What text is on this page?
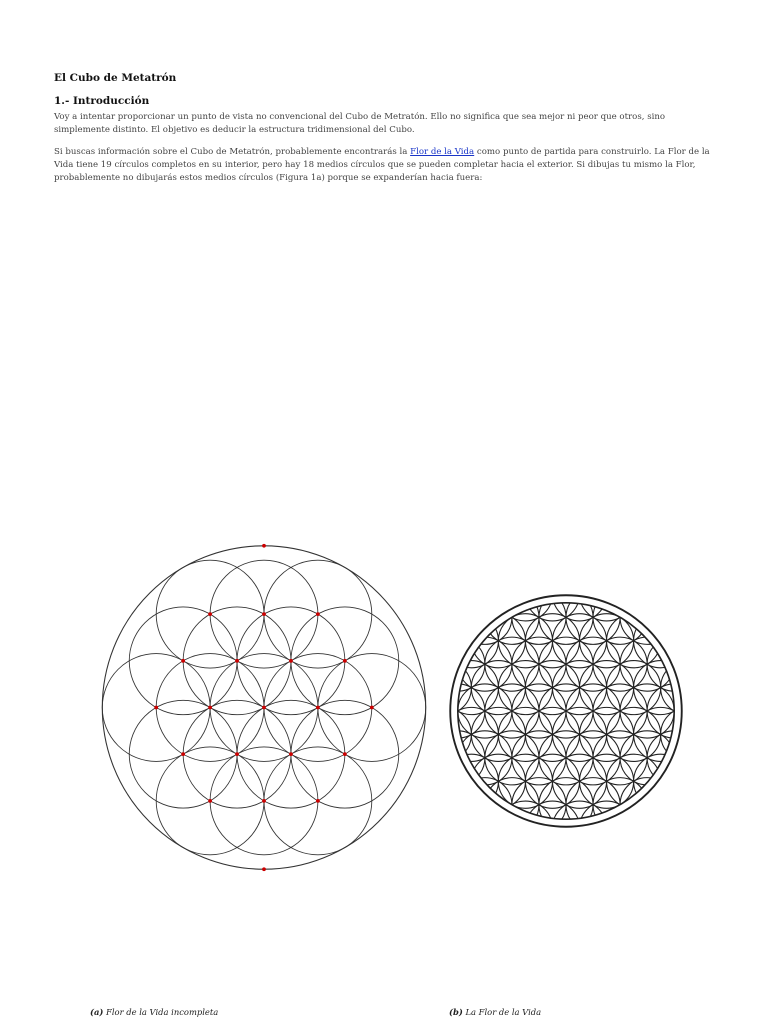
El Cubo de Metatrón
1.- Introducción

Voy a intentar proporcionar un punto de vista no convencional del Cubo de Metratón. Ello no significa que sea mejor ni peor que otros, sino simplemente distinto. El objetivo es deducir la estructura tridimensional del Cubo.

Si buscas información sobre el Cubo de Metatrón, probablemente encontrarás la Flor de la Vida como punto de partida para construirlo. La Flor de la Vida tiene 19 círculos completos en su interior, pero hay 18 medios círculos que se pueden completar hacia el exterior. Si dibujas tu mismo la Flor, probablemente no dibujarás estos medios círculos (Figura 1a) porque se expanderían hacia fuera:

(a) Flor de la Vida incompleta	(b) La Flor de la Vida
